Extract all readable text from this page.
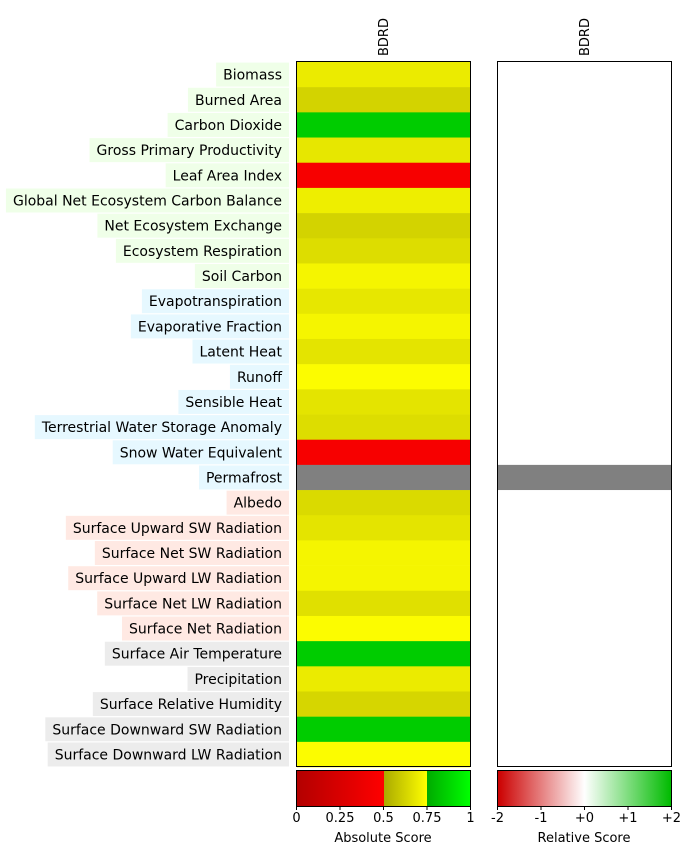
Biomass
Burned Area
Carbon Dioxide
Gross Primary Productivity
Leaf Area Index
Global Net Ecosystem Carbon Balance
Net Ecosystem Exchange
Ecosystem Respiration
Soil Carbon
Evapotranspiration
Evaporative Fraction
Latent Heat
Runoff
Sensible Heat
Terrestrial Water Storage Anomaly
Snow Water Equivalent
Permafrost
Albedo
Surface Upward SW Radiation
Surface Net SW Radiation
Surface Upward LW Radiation
Surface Net LW Radiation
Surface Net Radiation
Surface Air Temperature
Precipitation
Surface Relative Humidity
Surface Downward SW Radiation
Surface Downward LW Radiation
BDRD	BDRD
0 0.25 0.5 0.75 1
Absolute Score
-2 -1 +0 +1 +2
Relative Score
